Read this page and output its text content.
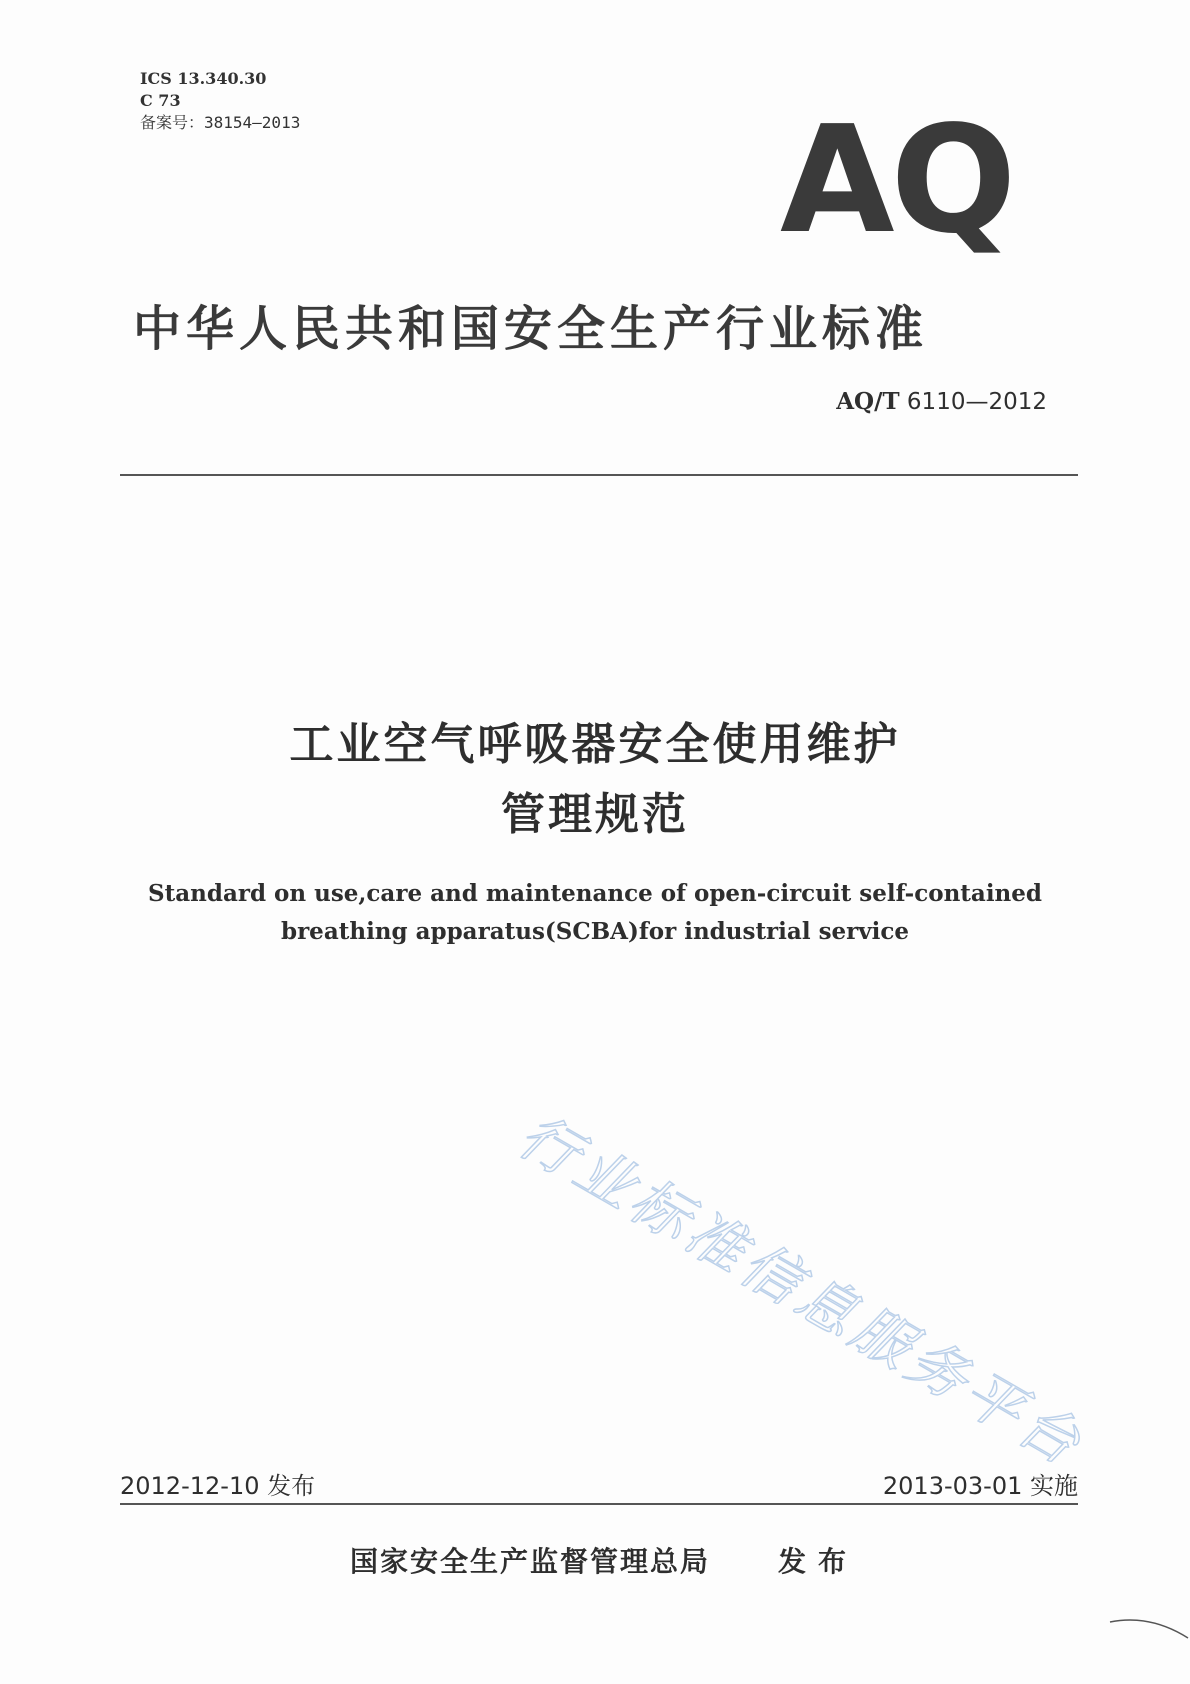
ICS 13.340.30
C 73
备案号：38154—2013	AQ
中华人民共和国安全生产行业标准
AQ/T 6110—2012
工业空气呼吸器安全使用维护
管理规范
Standard on use,care and maintenance of open-circuit self-contained
breathing apparatus(SCBA)for industrial service
行业标准信息服务平台
2012-12-10 发布	2013-03-01 实施
国家安全生产监督管理总局 发布
